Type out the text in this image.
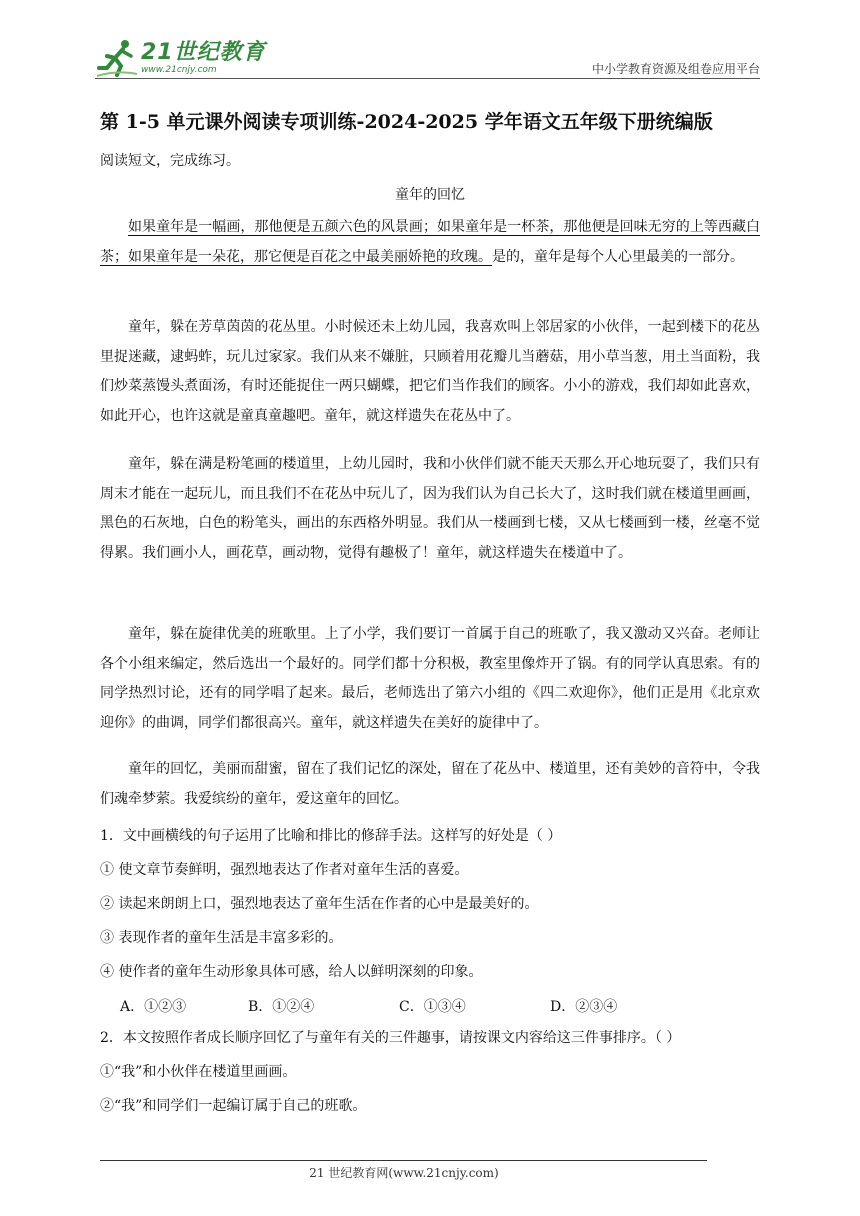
21世纪教育
www.21cnjy.com	中小学教育资源及组卷应用平台
第 1-5 单元课外阅读专项训练-2024-2025 学年语文五年级下册统编版
阅读短文，完成练习。
童年的回忆

如果童年是一幅画，那他便是五颜六色的风景画；如果童年是一杯茶，那他便是回味无穷的上等西藏白茶；如果童年是一朵花，那它便是百花之中最美丽娇艳的玫瑰。是的，童年是每个人心里最美的一部分。

童年，躲在芳草茵茵的花丛里。小时候还未上幼儿园，我喜欢叫上邻居家的小伙伴，一起到楼下的花丛里捉迷藏，逮蚂蚱，玩儿过家家。我们从来不嫌脏，只顾着用花瓣儿当蘑菇，用小草当葱，用土当面粉，我们炒菜蒸馒头煮面汤，有时还能捉住一两只蝴蝶，把它们当作我们的顾客。小小的游戏，我们却如此喜欢，如此开心，也许这就是童真童趣吧。童年，就这样遗失在花丛中了。

童年，躲在满是粉笔画的楼道里，上幼儿园时，我和小伙伴们就不能天天那么开心地玩耍了，我们只有周末才能在一起玩儿，而且我们不在花丛中玩儿了，因为我们认为自己长大了，这时我们就在楼道里画画，黑色的石灰地，白色的粉笔头，画出的东西格外明显。我们从一楼画到七楼，又从七楼画到一楼，丝毫不觉得累。我们画小人，画花草，画动物，觉得有趣极了！童年，就这样遗失在楼道中了。

童年，躲在旋律优美的班歌里。上了小学，我们要订一首属于自己的班歌了，我又激动又兴奋。老师让各个小组来编定，然后选出一个最好的。同学们都十分积极，教室里像炸开了锅。有的同学认真思索。有的同学热烈讨论，还有的同学唱了起来。最后，老师选出了第六小组的《四二欢迎你》，他们正是用《北京欢迎你》的曲调，同学们都很高兴。童年，就这样遗失在美好的旋律中了。

童年的回忆，美丽而甜蜜，留在了我们记忆的深处，留在了花丛中、楼道里，还有美妙的音符中，令我们魂牵梦萦。我爱缤纷的童年，爱这童年的回忆。

1．文中画横线的句子运用了比喻和排比的修辞手法。这样写的好处是（ ）
① 使文章节奏鲜明，强烈地表达了作者对童年生活的喜爱。
② 读起来朗朗上口，强烈地表达了童年生活在作者的心中是最美好的。
③ 表现作者的童年生活是丰富多彩的。
④ 使作者的童年生动形象具体可感，给人以鲜明深刻的印象。
A．①②③	B．①②④	C．①③④	D．②③④
2．本文按照作者成长顺序回忆了与童年有关的三件趣事，请按课文内容给这三件事排序。（ ）
①“我”和小伙伴在楼道里画画。
②“我”和同学们一起编订属于自己的班歌。
21 世纪教育网(www.21cnjy.com)
